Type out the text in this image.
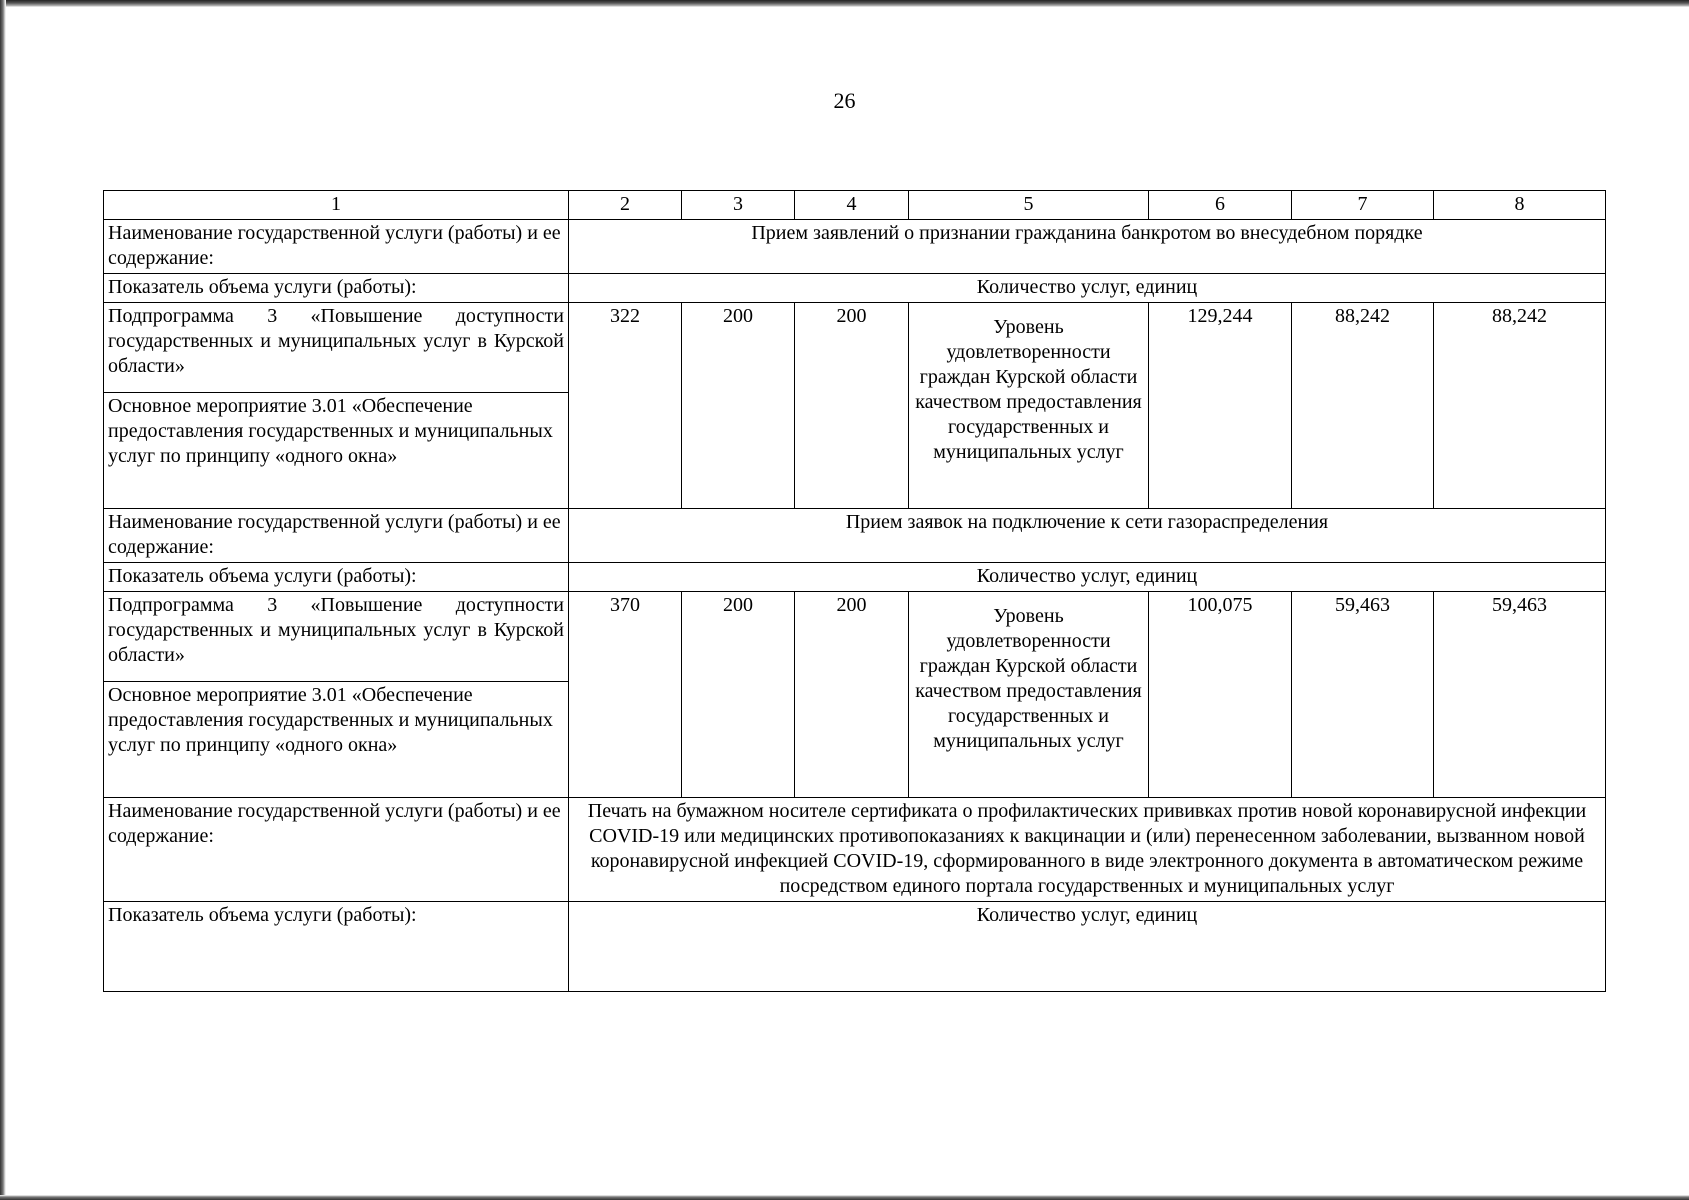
26
1	2	3	4	5	6	7	8
Наименование государственной услуги (работы) и ее содержание:	Прием заявлений о признании гражданина банкротом во внесудебном порядке						
Показатель объема услуги (работы):	Количество услуг, единиц						
Подпрограмма 3 «Повышение доступности государственных и муниципальных услуг в Курской области»	322	200	200	Уровень удовлетворенности граждан Курской области качеством предоставления государственных и муниципальных услуг	129,244	88,242	88,242
Основное мероприятие 3.01 «Обеспечение предоставления государственных и муниципальных услуг по принципу «одного окна»							
Наименование государственной услуги (работы) и ее содержание:	Прием заявок на подключение к сети газораспределения						
Показатель объема услуги (работы):	Количество услуг, единиц						
Подпрограмма 3 «Повышение доступности государственных и муниципальных услуг в Курской области»	370	200	200	Уровень удовлетворенности граждан Курской области качеством предоставления государственных и муниципальных услуг	100,075	59,463	59,463
Основное мероприятие 3.01 «Обеспечение предоставления государственных и муниципальных услуг по принципу «одного окна»							
Наименование государственной услуги (работы) и ее содержание:	Печать на бумажном носителе сертификата о профилактических прививках против новой коронавирусной инфекции COVID-19 или медицинских противопоказаниях к вакцинации и (или) перенесенном заболевании, вызванном новой коронавирусной инфекцией COVID-19, сформированного в виде электронного документа в автоматическом режиме посредством единого портала государственных и муниципальных услуг						
Показатель объема услуги (работы):	Количество услуг, единиц						
